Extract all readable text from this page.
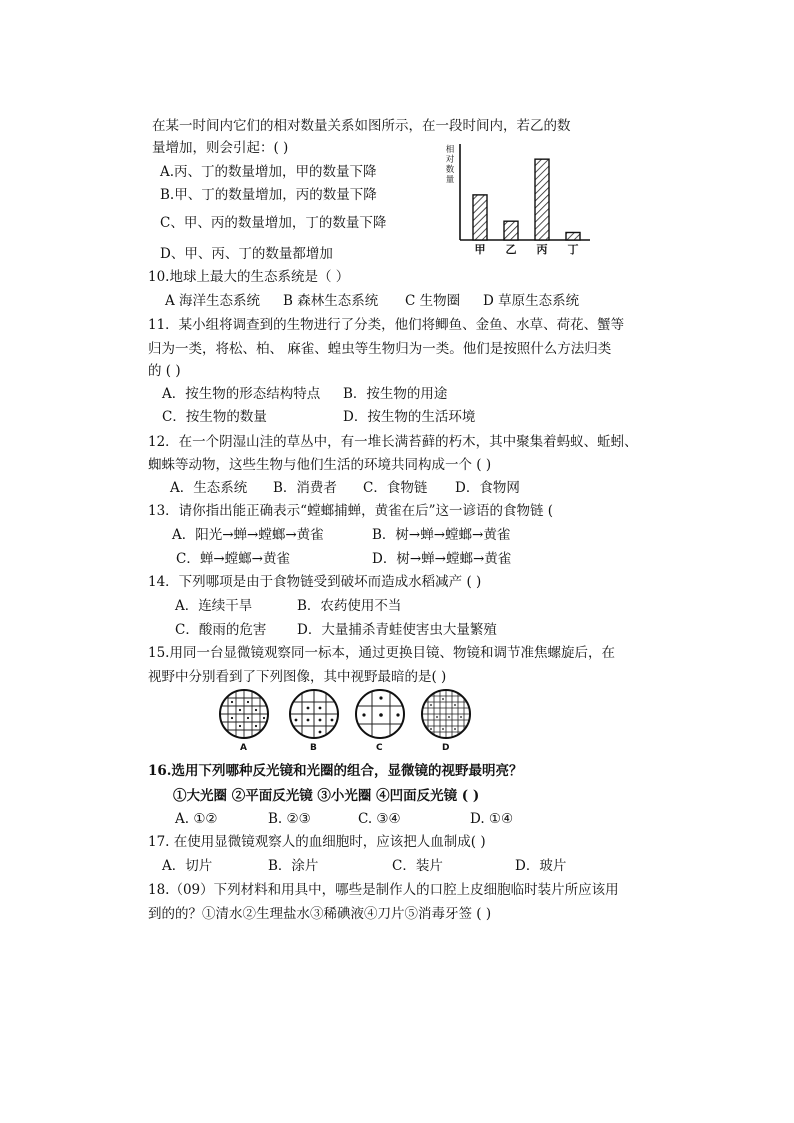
在某一时间内它们的相对数量关系如图所示，在一段时间内，若乙的数
量增加，则会引起：( )
A.丙、丁的数量增加，甲的数量下降
B.甲、丁的数量增加，丙的数量下降
C、甲、丙的数量增加，丁的数量下降
D、甲、丙、丁的数量都增加
相
对
数
量
甲 乙 丙 丁
10.地球上最大的生态系统是（ ）
A 海洋生态系统 B 森林生态系统 C 生物圈 D 草原生态系统
11．某小组将调查到的生物进行了分类，他们将鲫鱼、金鱼、水草、荷花、蟹等
归为一类，将松、柏、 麻雀、蝗虫等生物归为一类。他们是按照什么方法归类
的 ( )
A．按生物的形态结构特点 B．按生物的用途
C．按生物的数量	D．按生物的生活环境
12．在一个阴湿山洼的草丛中，有一堆长满苔藓的朽木，其中聚集着蚂蚁、蚯蚓、
蜘蛛等动物，这些生物与他们生活的环境共同构成一个 ( )
A．生态系统 B．消费者 C．食物链 D．食物网
13．请你指出能正确表示“螳螂捕蝉，黄雀在后”这一谚语的食物链 (
A．阳光→蝉→螳螂→黄雀	B．树→蝉→螳螂→黄雀
C．蝉→螳螂→黄雀	D．树→蝉→螳螂→黄雀
14．下列哪项是由于食物链受到破坏而造成水稻减产 ( )
A．连续干旱	B．农药使用不当
C．酸雨的危害 D．大量捕杀青蛙使害虫大量繁殖
15.用同一台显微镜观察同一标本，通过更换目镜、物镜和调节准焦螺旋后，在
视野中分别看到了下列图像，其中视野最暗的是( )
A	B	C	D
16.选用下列哪种反光镜和光圈的组合，显微镜的视野最明亮？
①大光圈 ②平面反光镜 ③小光圈 ④凹面反光镜 ( )
A. ①②	B. ②③	C. ③④	D. ①④
17. 在使用显微镜观察人的血细胞时，应该把人血制成( )
A．切片	B．涂片	C．装片	D．玻片
18.（09）下列材料和用具中，哪些是制作人的口腔上皮细胞临时装片所应该用
到的的？①清水②生理盐水③稀碘液④刀片⑤消毒牙签 ( )
